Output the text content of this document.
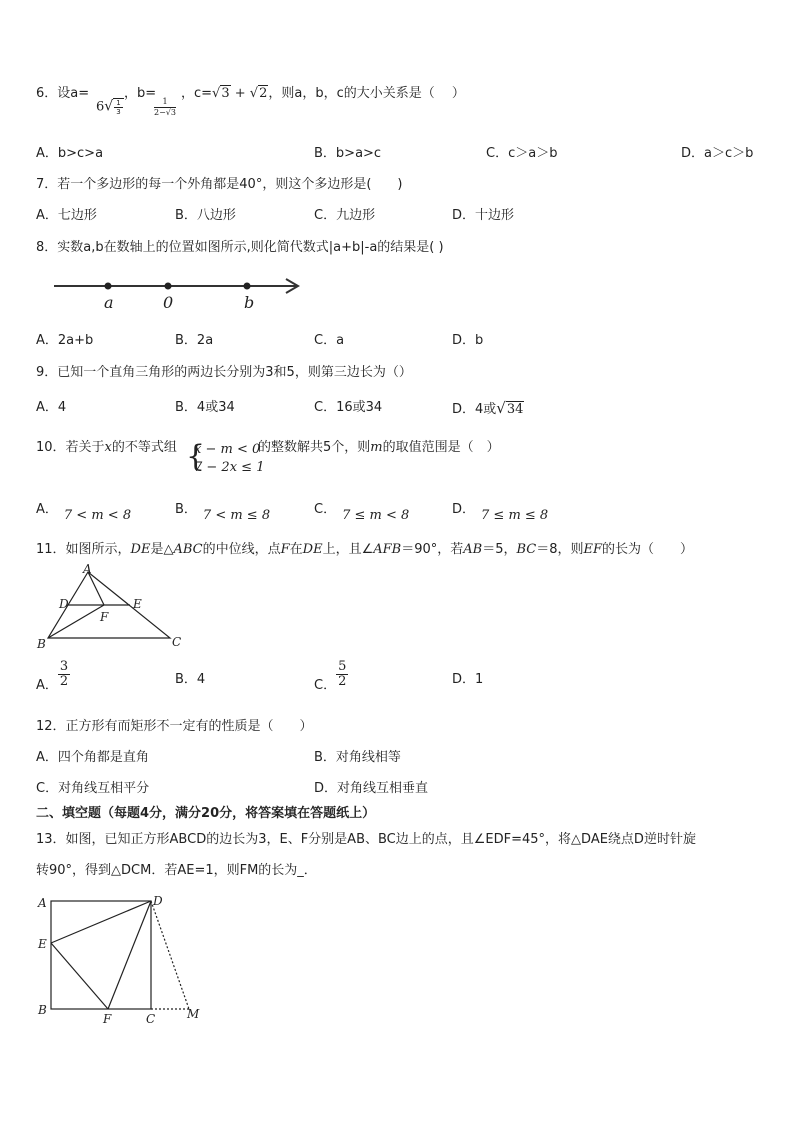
6．设a=
$6√ \frac{1}{3}$
，b=
$\frac{1}{2-√3}$
，c=√3 + √2，则a，b，c的大小关系是（　 ）
A．b>c>a	B．b>a>c	C．c＞a＞b	D．a＞c＞b
7．若一个多边形的每一个外角都是40°，则这个多边形是(　　)
A．七边形	B．八边形	C．九边形	D．十边形
8．实数a,b在数轴上的位置如图所示,则化简代数式|a+b|-a的结果是( )
a	0	b
A．2a+b	B．2a	C．a	D．b
9．已知一个直角三角形的两边长分别为3和5，则第三边长为（）
A．4	B．4或34	C．16或34	D．4或√34
10．若关于x的不等式组 {
x − m < 0
7 − 2x ≤ 1
的整数解共5个，则m的取值范围是（　）
A． 7 < m < 8	B． 7 < m ≤ 8	C． 7 ≤ m < 8	D． 7 ≤ m ≤ 8
11．如图所示，DE是△ABC的中位线，点F在DE上，且∠AFB＝90°，若AB＝5，BC＝8，则EF的长为（　　）
A
D	E
F
B	C
A． $\frac{3}{2}$	B．4	C． $\frac{5}{2}$	D．1
12．正方形有而矩形不一定有的性质是（　　）
A．四个角都是直角	B．对角线相等
C．对角线互相平分	D．对角线互相垂直
二、填空题（每题4分，满分20分，将答案填在答题纸上）
13．如图，已知正方形ABCD的边长为3，E、F分别是AB、BC边上的点，且∠EDF=45°，将△DAE绕点D逆时针旋
转90°，得到△DCM．若AE=1，则FM的长为_．
A	D
E
B
F	C	M
